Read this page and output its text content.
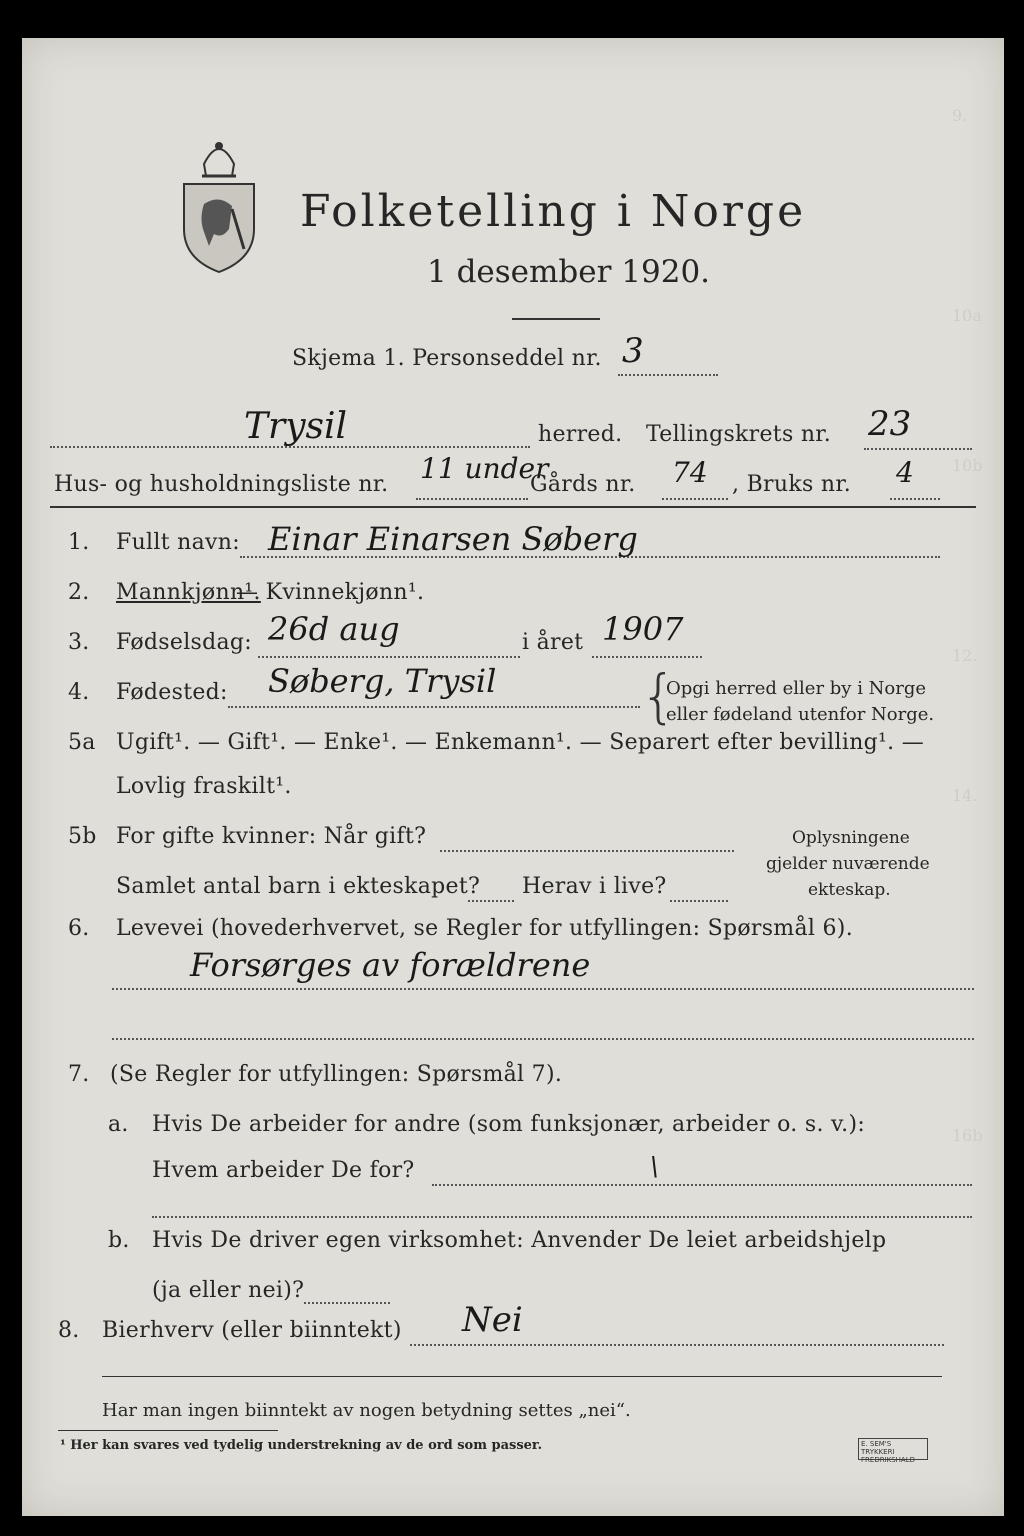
9.
10a
10b
12.
14.
16b
Folketelling i Norge
1 desember 1920.
Skjema 1. Personseddel nr. 3
Trysil	herred. Tellingskrets nr. 23
Hus- og husholdningsliste nr. 11 under
Gårds nr. 74 , Bruks nr. 4
1. Fullt navn: Einar Einarsen Søberg
2. Mannkjønn¹.
— Kvinnekjønn¹.
3. Fødselsdag: 26d aug	i året 1907
4. Fødested: Søberg, Trysil {
Opgi herred eller by i Norge
eller fødeland utenfor Norge.
5a Ugift¹. — Gift¹. — Enke¹. — Enkemann¹. — Separert efter bevilling¹. —
Lovlig fraskilt¹.
5b For gifte kvinner: Når gift?
Samlet antal barn i ekteskapet? Herav i live?
Oplysningene
gjelder nuværende
ekteskap.
6. Levevei (hovederhvervet, se Regler for utfyllingen: Spørsmål 6).
Forsørges av forældrene
7. (Se Regler for utfyllingen: Spørsmål 7).
a. Hvis De arbeider for andre (som funksjonær, arbeider o. s. v.):
Hvem arbeider De for?	\
b. Hvis De driver egen virksomhet: Anvender De leiet arbeidshjelp
(ja eller nei)?
8. Bierhverv (eller biinntekt) Nei
Har man ingen biinntekt av nogen betydning settes „nei“.
¹ Her kan svares ved tydelig understrekning av de ord som passer.	E. SEM'S TRYKKERI
FREDRIKSHALD
